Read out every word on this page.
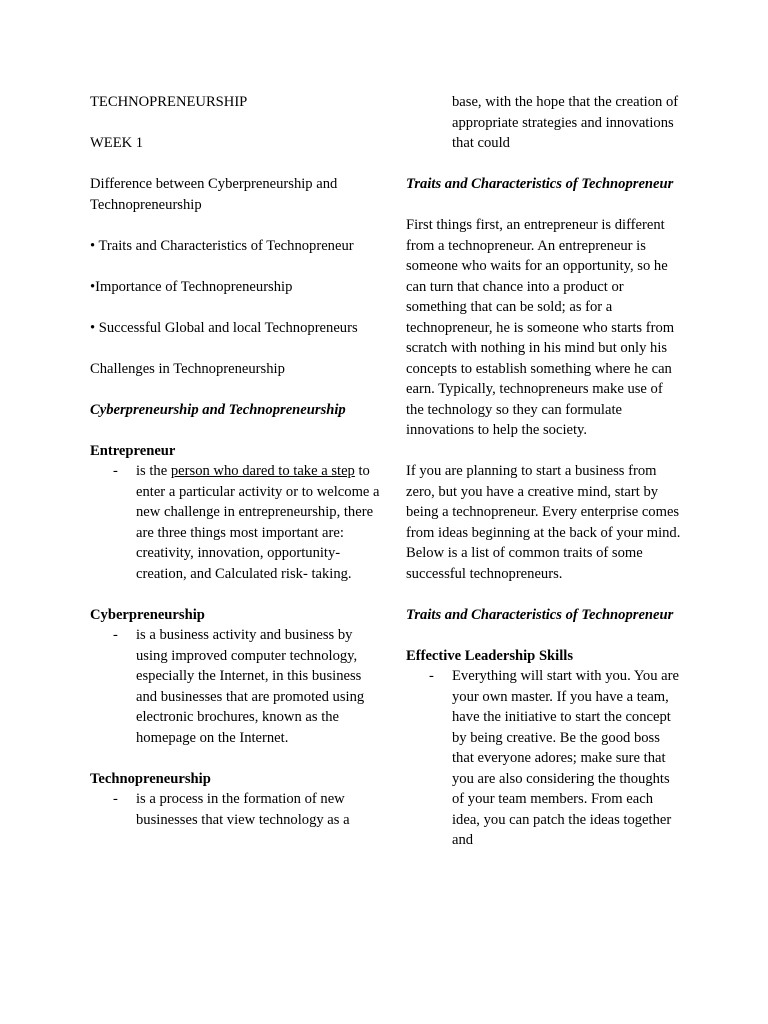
TECHNOPRENEURSHIP

WEEK 1

Difference between Cyberpreneurship and Technopreneurship

• Traits and Characteristics of Technopreneur

•Importance of Technopreneurship

• Successful Global and local Technopreneurs

Challenges in Technopreneurship

Cyberpreneurship and Technopreneurship

Entrepreneur

- is the person who dared to take a step to enter a particular activity or to welcome a new challenge in entrepreneurship, there are three things most important are: creativity, innovation, opportunity-creation, and Calculated risk- taking.

Cyberpreneurship

- is a business activity and business by using improved computer technology, especially the Internet, in this business and businesses that are promoted using electronic brochures, known as the homepage on the Internet.

Technopreneurship

- is a process in the formation of new businesses that view technology as a

base, with the hope that the creation of appropriate strategies and innovations that could

Traits and Characteristics of Technopreneur

First things first, an entrepreneur is different from a technopreneur. An entrepreneur is someone who waits for an opportunity, so he can turn that chance into a product or something that can be sold; as for a technopreneur, he is someone who starts from scratch with nothing in his mind but only his concepts to establish something where he can earn. Typically, technopreneurs make use of the technology so they can formulate innovations to help the society.

If you are planning to start a business from zero, but you have a creative mind, start by being a technopreneur. Every enterprise comes from ideas beginning at the back of your mind. Below is a list of common traits of some successful technopreneurs.

Traits and Characteristics of Technopreneur

Effective Leadership Skills

- Everything will start with you. You are your own master. If you have a team, have the initiative to start the concept by being creative. Be the good boss that everyone adores; make sure that you are also considering the thoughts of your team members. From each idea, you can patch the ideas together and
